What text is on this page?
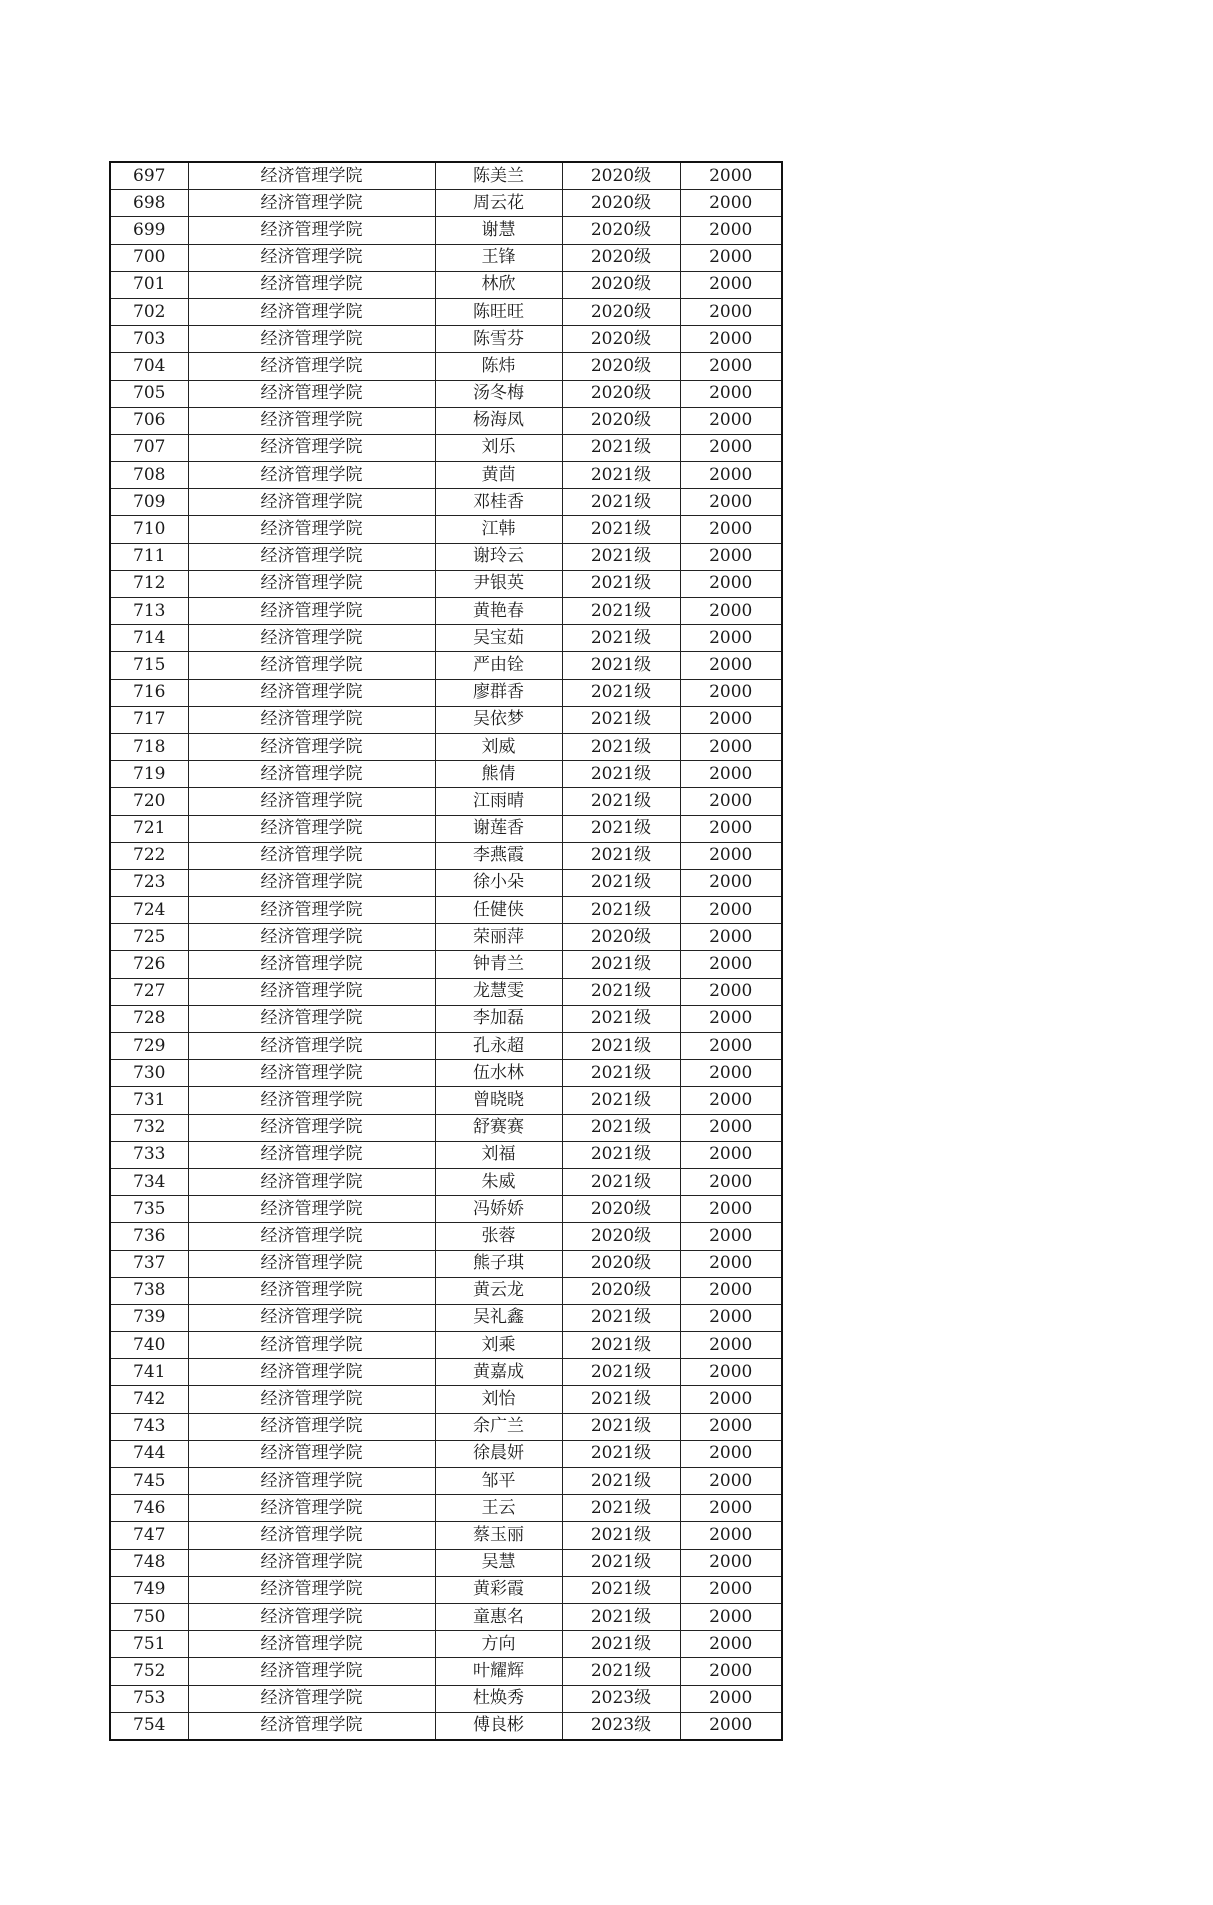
697	经济管理学院	陈美兰	2020级	2000
698	经济管理学院	周云花	2020级	2000
699	经济管理学院	谢慧	2020级	2000
700	经济管理学院	王锋	2020级	2000
701	经济管理学院	林欣	2020级	2000
702	经济管理学院	陈旺旺	2020级	2000
703	经济管理学院	陈雪芬	2020级	2000
704	经济管理学院	陈炜	2020级	2000
705	经济管理学院	汤冬梅	2020级	2000
706	经济管理学院	杨海凤	2020级	2000
707	经济管理学院	刘乐	2021级	2000
708	经济管理学院	黄茴	2021级	2000
709	经济管理学院	邓桂香	2021级	2000
710	经济管理学院	江韩	2021级	2000
711	经济管理学院	谢玲云	2021级	2000
712	经济管理学院	尹银英	2021级	2000
713	经济管理学院	黄艳春	2021级	2000
714	经济管理学院	吴宝茹	2021级	2000
715	经济管理学院	严由铨	2021级	2000
716	经济管理学院	廖群香	2021级	2000
717	经济管理学院	吴依梦	2021级	2000
718	经济管理学院	刘威	2021级	2000
719	经济管理学院	熊倩	2021级	2000
720	经济管理学院	江雨晴	2021级	2000
721	经济管理学院	谢莲香	2021级	2000
722	经济管理学院	李燕霞	2021级	2000
723	经济管理学院	徐小朵	2021级	2000
724	经济管理学院	任健侠	2021级	2000
725	经济管理学院	荣丽萍	2020级	2000
726	经济管理学院	钟青兰	2021级	2000
727	经济管理学院	龙慧雯	2021级	2000
728	经济管理学院	李加磊	2021级	2000
729	经济管理学院	孔永超	2021级	2000
730	经济管理学院	伍水林	2021级	2000
731	经济管理学院	曾晓晓	2021级	2000
732	经济管理学院	舒赛赛	2021级	2000
733	经济管理学院	刘福	2021级	2000
734	经济管理学院	朱威	2021级	2000
735	经济管理学院	冯娇娇	2020级	2000
736	经济管理学院	张蓉	2020级	2000
737	经济管理学院	熊子琪	2020级	2000
738	经济管理学院	黄云龙	2020级	2000
739	经济管理学院	吴礼鑫	2021级	2000
740	经济管理学院	刘乘	2021级	2000
741	经济管理学院	黄嘉成	2021级	2000
742	经济管理学院	刘怡	2021级	2000
743	经济管理学院	余广兰	2021级	2000
744	经济管理学院	徐晨妍	2021级	2000
745	经济管理学院	邹平	2021级	2000
746	经济管理学院	王云	2021级	2000
747	经济管理学院	蔡玉丽	2021级	2000
748	经济管理学院	吴慧	2021级	2000
749	经济管理学院	黄彩霞	2021级	2000
750	经济管理学院	童惠名	2021级	2000
751	经济管理学院	方向	2021级	2000
752	经济管理学院	叶耀辉	2021级	2000
753	经济管理学院	杜焕秀	2023级	2000
754	经济管理学院	傅良彬	2023级	2000
